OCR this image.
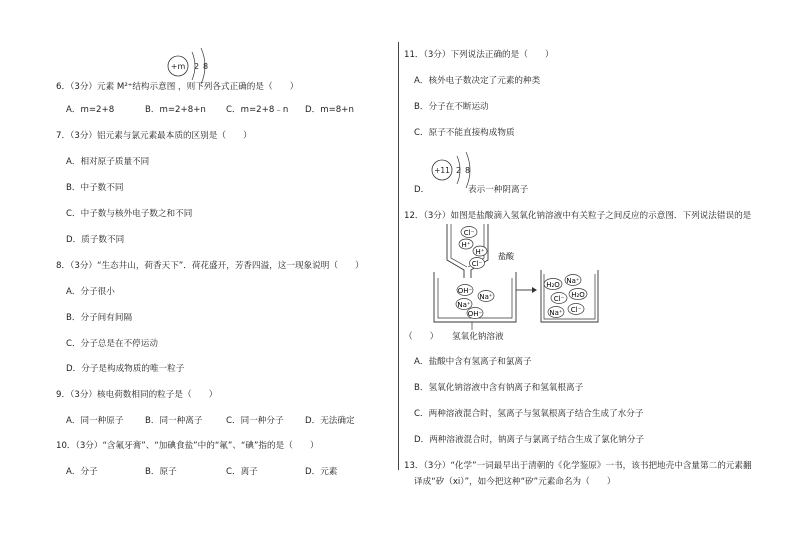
+m 2 8
6．（3分）元素 M²⁺结构示意图 ，则下列各式正确的是（　　）
A．m=2+8	B．m=2+8+n C．m=2+8﹣n D．m=8+n
7．（3分）铝元素与氯元素最本质的区别是（　　）
A．相对原子质量不同
B．中子数不同
C．中子数与核外电子数之和不同
D．质子数不同
8．（3分）“生态井山，荷香天下”．荷花盛开，芳香四溢，这一现象说明（　　）
A．分子很小
B．分子间有间隔
C．分子总是在不停运动
D．分子是构成物质的唯一粒子
9．（3分）核电荷数相同的粒子是（　　）
A．同一种原子	B．同一种离子	C．同一种分子 D．无法确定
10．（3分）“含氟牙膏”、“加碘食盐”中的“氟”、“碘”指的是（　　）
A．分子	B．原子	C．离子	D．元素
11．（3分）下列说法正确的是（　　）
A．核外电子数决定了元素的种类
B．分子在不断运动
C．原子不能直接构成物质
D．
+11 2 8
表示一种阴离子
12．（3分）如图是盐酸滴入氢氧化钠溶液中有关粒子之间反应的示意图．下列说法错误的是
Cl⁻
H⁺
H⁺
Cl⁻
盐酸
OH⁻
Na⁺
Na⁺
OH⁻
Na⁺
H₂O
H₂O
Cl⁻
Na⁺ Cl⁻
（　　） 氢氧化钠溶液
A．盐酸中含有氢离子和氯离子
B．氢氧化钠溶液中含有钠离子和氢氧根离子
C．两种溶液混合时，氢离子与氢氧根离子结合生成了水分子
D．两种溶液混合时，钠离子与氯离子结合生成了氯化钠分子
13．（3分）“化学”一词最早出于清朝的《化学鉴原》一书，该书把地壳中含量第二的元素翻
译成“矽（xi）”，如今把这种“矽”元素命名为（　　）
